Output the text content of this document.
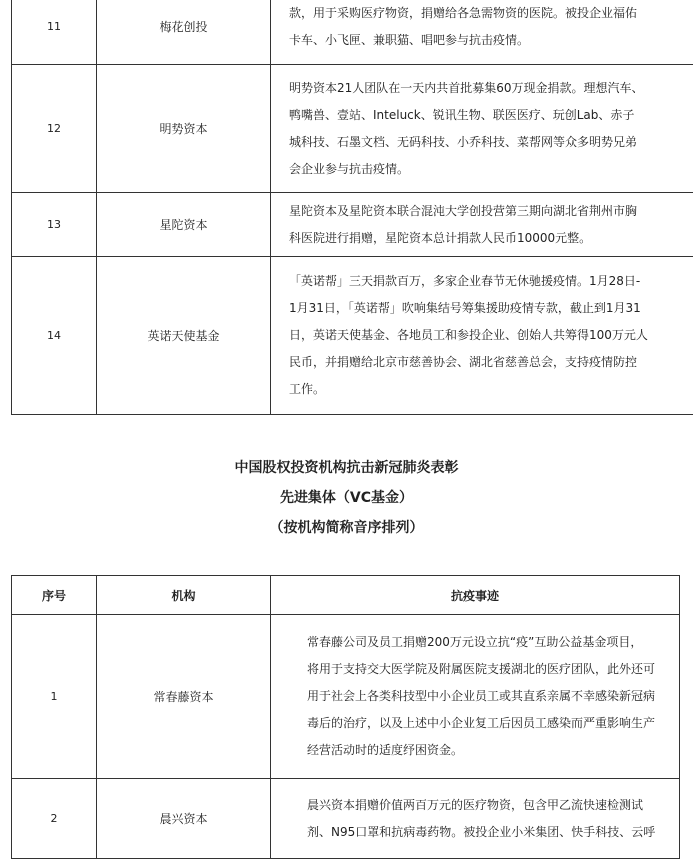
11	梅花创投	款，用于采购医疗物资，捐赠给各急需物资的医院。被投企业福佑
卡车、小飞匣、兼职猫、唱吧参与抗击疫情。

12	明势资本	明势资本21人团队在一天内共首批募集60万现金捐款。理想汽车、
鸭嘴兽、壹站、Inteluck、锐讯生物、联医医疗、玩创Lab、赤子
城科技、石墨文档、无码科技、小乔科技、菜帮网等众多明势兄弟
会企业参与抗击疫情。

13	星陀资本	星陀资本及星陀资本联合混沌大学创投营第三期向湖北省荆州市胸
科医院进行捐赠，星陀资本总计捐款人民币10000元整。

14	英诺天使基金	「英诺帮」三天捐款百万，多家企业春节无休驰援疫情。1月28日-
1月31日，「英诺帮」吹响集结号筹集援助疫情专款，截止到1月31
日，英诺天使基金、各地员工和参投企业、创始人共筹得100万元人
民币，并捐赠给北京市慈善协会、湖北省慈善总会，支持疫情防控
工作。
中国股权投资机构抗击新冠肺炎表彰
先进集体（VC基金）
（按机构简称音序排列）
序号	机构	抗疫事迹
1	常春藤资本	常春藤公司及员工捐赠200万元设立抗“疫”互助公益基金项目，
将用于支持交大医学院及附属医院支援湖北的医疗团队，此外还可
用于社会上各类科技型中小企业员工或其直系亲属不幸感染新冠病
毒后的治疗，以及上述中小企业复工后因员工感染而严重影响生产
经营活动时的适度纾困资金。

2	晨兴资本	晨兴资本捐赠价值两百万元的医疗物资，包含甲乙流快速检测试
剂、N95口罩和抗病毒药物。被投企业小米集团、快手科技、云呼
